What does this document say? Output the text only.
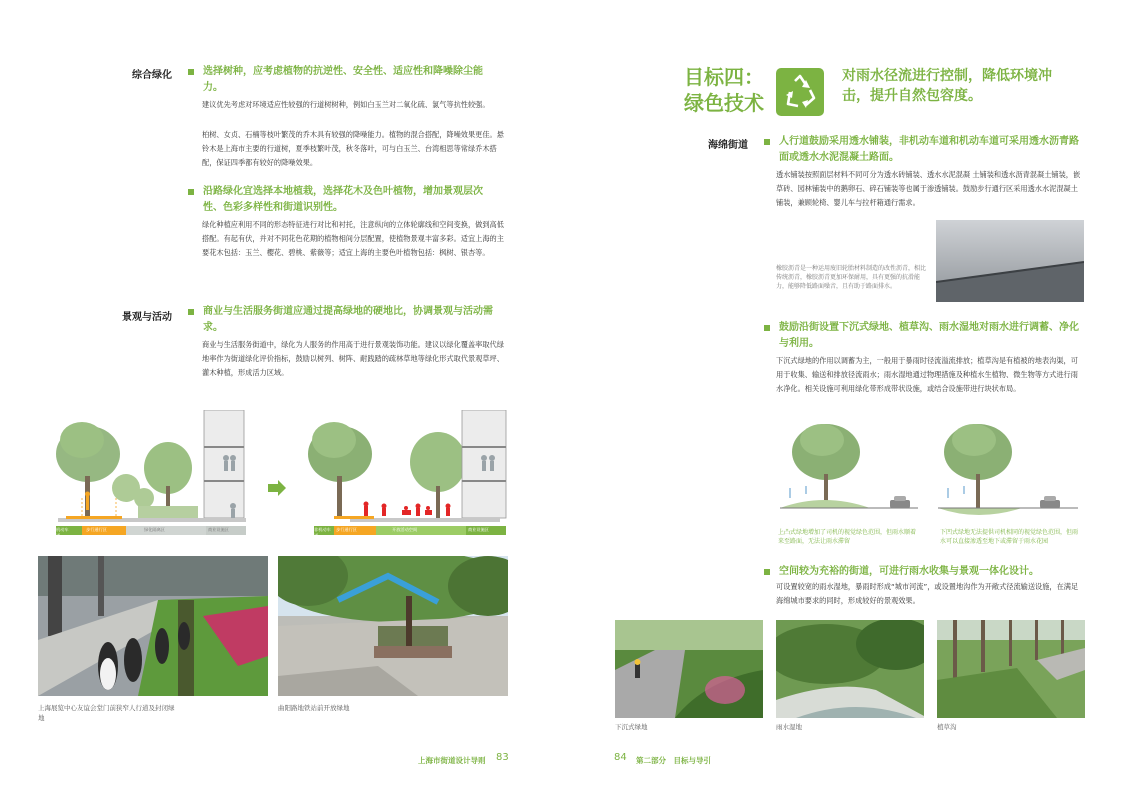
综合绿化	选择树种，应考虑植物的抗逆性、安全性、适应性和降噪除尘能力。
建议优先考虑对环境适应性较强的行道树树种，例如白玉兰对二氧化硫、氯气等抗性较强。
柏树、女贞、石楠等枝叶繁茂的乔木具有较强的降噪能力。植物的混合搭配，降噪效果更佳。悬铃木是上海市主要的行道树，夏季枝繁叶茂，秋冬落叶，可与白玉兰、台湾相思等常绿乔木搭配，保证四季都有较好的降噪效果。
沿路绿化宜选择本地植栽，选择花木及色叶植物，增加景观层次性、色彩多样性和街道识别性。
绿化种植应利用不同的形态特征进行对比和衬托，注意纵向的立体轮廓线和空间变换，做到高低搭配。有起有伏，并对不同花色花期的植物相间分层配置，使植物景观丰富多彩。适宜上海的主要花木包括：玉兰、樱花、碧桃、紫薇等；适宜上海的主要色叶植物包括：枫树、银杏等。
景观与活动
商业与生活服务街道应通过提高绿地的硬地比，协调景观与活动需求。
商业与生活服务街道中，绿化为人服务的作用高于进行景观装饰功能。建议以绿化覆盖率取代绿地率作为街道绿化评价指标，鼓励以树列、树阵、耐践踏的疏林草地等绿化形式取代景观草坪、灌木种植，形成活力区域。
机动车道
步行通行区	绿化隔离区	商业设施区	非机动车道
步行通行区	开放活动空间	商业设施区
上海展览中心友谊会堂门前狭窄人行道及封闭绿地
曲阳路地铁站前开放绿地
上海市街道设计导则 83
目标四：
绿色技术
对雨水径流进行控制，降低环境冲击，提升自然包容度。
海绵街道	人行道鼓励采用透水铺装，非机动车道和机动车道可采用透水沥青路面或透水水泥混凝土路面。
透水铺装按照面层材料不同可分为透水砖铺装、透水水泥混凝 土铺装和透水沥青混凝土铺装，嵌草砖、园林铺装中的鹅卵石、碎石铺装等也属于渗透铺装。鼓励步行通行区采用透水水泥混凝土铺装，兼顾轮椅、婴儿车与拉杆箱通行需求。
橡胶沥青是一种运用废旧轮胎材料制造的改性沥青，相比传统沥青，橡胶沥青更加环保耐用，具有更强的抗滑能力，能够降低路面噪音，且有助于路面排水。
鼓励沿街设置下沉式绿地、植草沟、雨水湿地对雨水进行调蓄、净化与利用。
下沉式绿地的作用以调蓄为主，一般用于暴雨时径流溢流排放；植草沟是有植被的地表沟渠，可用于收集、输送和排放径流雨水；雨水湿地通过物理措施及种植水生植物、微生物等方式进行雨水净化。相关设施可利用绿化带形成带状设施，或结合设施带进行块状布局。
上凸式绿地增加了司机的视觉绿色范围，但雨水顺着来至路面，无法让雨水滞留
下凹式绿地无法提供司机相同的视觉绿色范围，但雨水可以直接渗透至地下或滞留于雨水花园
空间较为充裕的街道，可进行雨水收集与景观一体化设计。
可设置较宽的雨水湿地，暴雨时形成“城市河流”，或设置地沟作为开敞式径流输送设施，在满足海绵城市要求的同时，形成较好的景观效果。
下沉式绿地	雨水湿地	植草沟
84 第二部分　目标与导引
